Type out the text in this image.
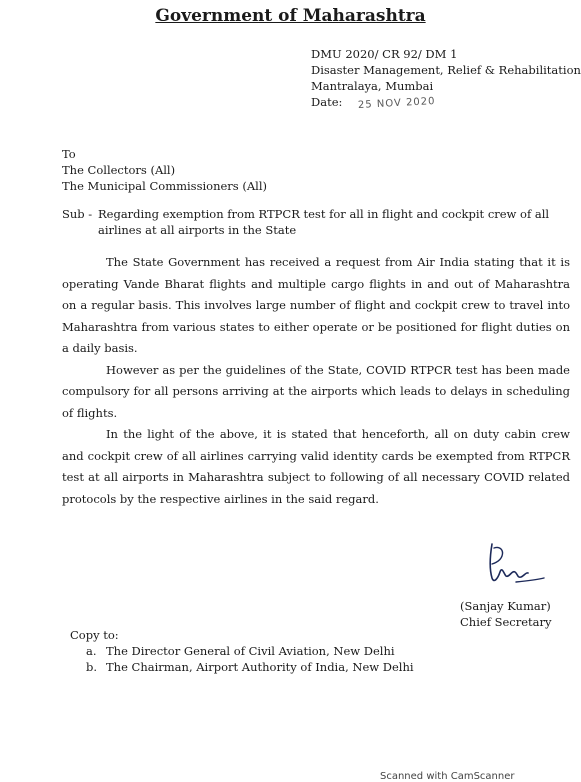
Government of Maharashtra
DMU 2020/ CR 92/ DM 1
Disaster Management, Relief & Rehabilitation
Mantralaya, Mumbai
Date: 25 NOV 2020
To
The Collectors (All)
The Municipal Commissioners (All)
Sub - Regarding exemption from RTPCR test for all in flight and cockpit crew of all airlines at all airports in the State

The State Government has received a request from Air India stating that it is operating Vande Bharat flights and multiple cargo flights in and out of Maharashtra on a regular basis. This involves large number of flight and cockpit crew to travel into Maharashtra from various states to either operate or be positioned for flight duties on a daily basis.

However as per the guidelines of the State, COVID RTPCR test has been made compulsory for all persons arriving at the airports which leads to delays in scheduling of flights.

In the light of the above, it is stated that henceforth, all on duty cabin crew and cockpit crew of all airlines carrying valid identity cards be exempted from RTPCR test at all airports in Maharashtra subject to following of all necessary COVID related protocols by the respective airlines in the said regard.

(Sanjay Kumar)
Chief Secretary
Copy to:
a. The Director General of Civil Aviation, New Delhi
b. The Chairman, Airport Authority of India, New Delhi
Scanned with CamScanner
